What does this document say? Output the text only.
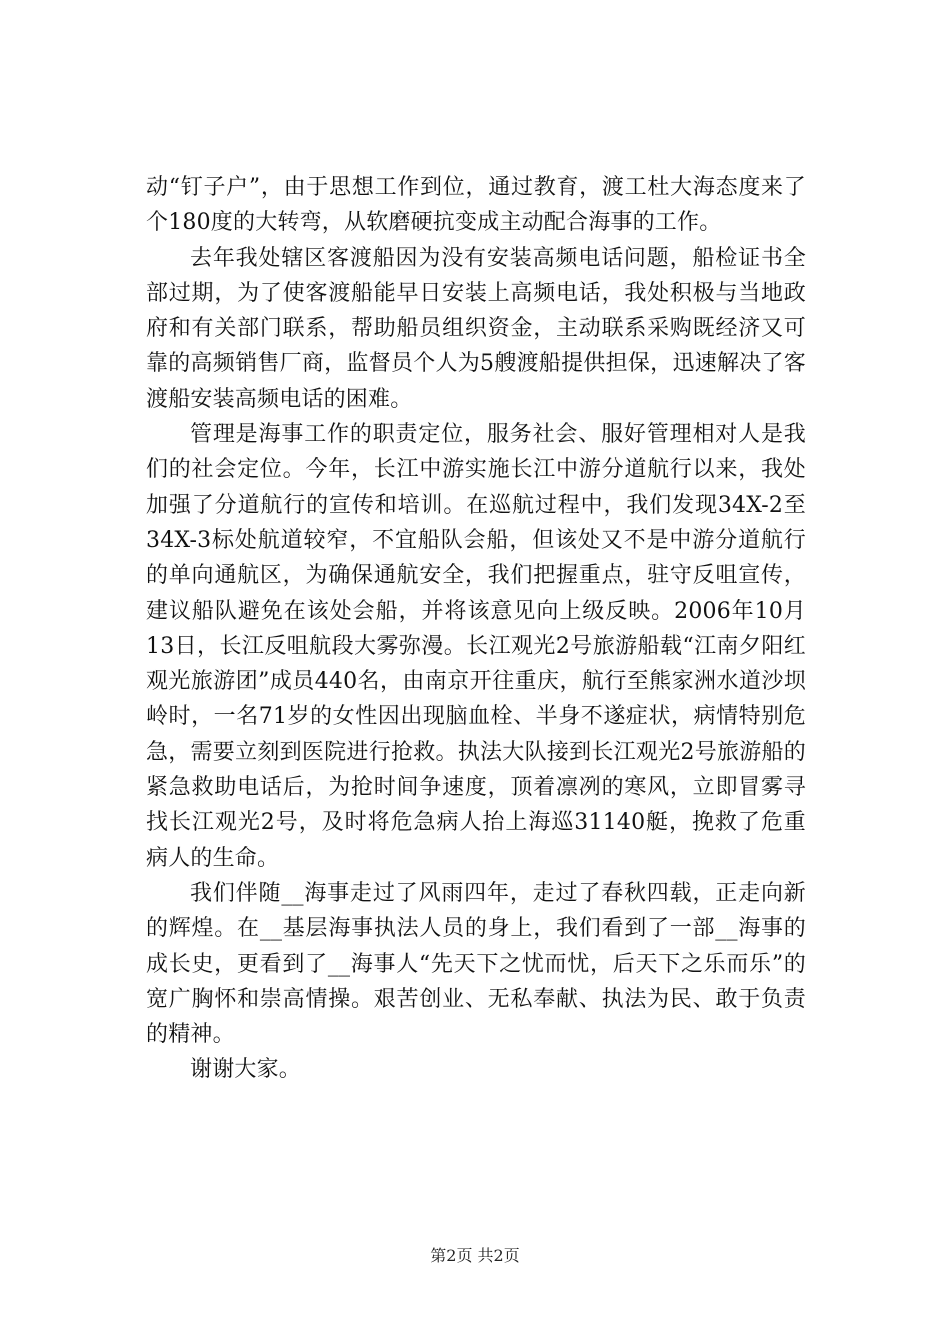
动“钉子户”，由于思想工作到位，通过教育，渡工杜大海态度来了个180度的大转弯，从软磨硬抗变成主动配合海事的工作。

去年我处辖区客渡船因为没有安装高频电话问题，船检证书全部过期，为了使客渡船能早日安装上高频电话，我处积极与当地政府和有关部门联系，帮助船员组织资金，主动联系采购既经济又可靠的高频销售厂商，监督员个人为5艘渡船提供担保，迅速解决了客渡船安装高频电话的困难。

管理是海事工作的职责定位，服务社会、服好管理相对人是我们的社会定位。今年，长江中游实施长江中游分道航行以来，我处加强了分道航行的宣传和培训。在巡航过程中，我们发现34X-2至34X-3标处航道较窄，不宜船队会船，但该处又不是中游分道航行的单向通航区，为确保通航安全，我们把握重点，驻守反咀宣传，建议船队避免在该处会船，并将该意见向上级反映。2006年10月13日，长江反咀航段大雾弥漫。长江观光2号旅游船载“江南夕阳红观光旅游团”成员440名，由南京开往重庆，航行至熊家洲水道沙坝岭时，一名71岁的女性因出现脑血栓、半身不遂症状，病情特别危急，需要立刻到医院进行抢救。执法大队接到长江观光2号旅游船的紧急救助电话后，为抢时间争速度，顶着凛冽的寒风，立即冒雾寻找长江观光2号，及时将危急病人抬上海巡31140艇，挽救了危重病人的生命。

我们伴随__海事走过了风雨四年，走过了春秋四载，正走向新的辉煌。在__基层海事执法人员的身上，我们看到了一部__海事的成长史，更看到了__海事人“先天下之忧而忧，后天下之乐而乐”的宽广胸怀和崇高情操。艰苦创业、无私奉献、执法为民、敢于负责的精神。

谢谢大家。

第2页 共2页
